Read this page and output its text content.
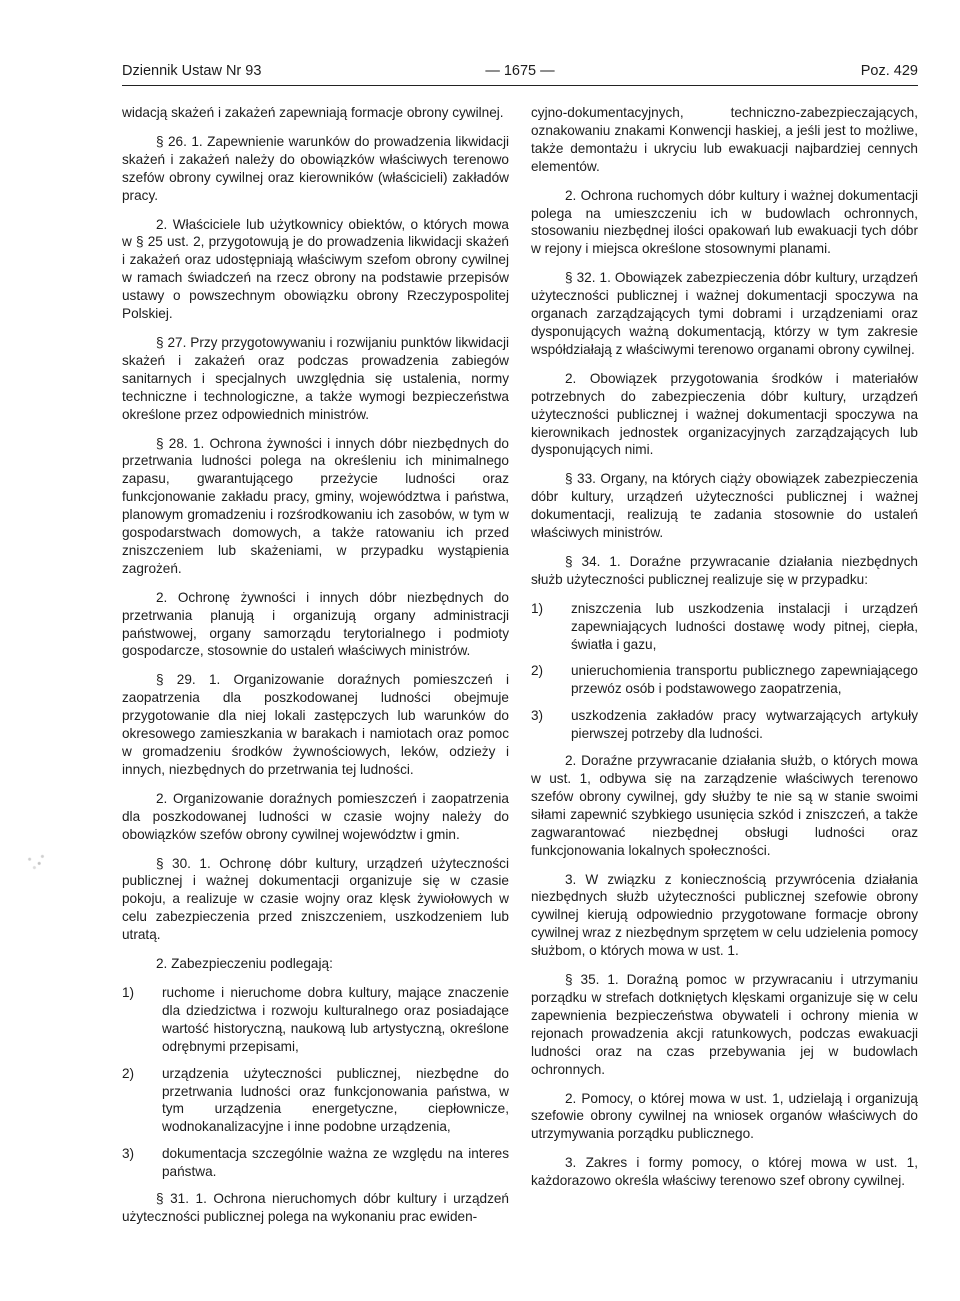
Dziennik Ustaw Nr 93	— 1675 —	Poz. 429

widacją skażeń i zakażeń zapewniają formacje obrony cywilnej.

§ 26. 1. Zapewnienie warunków do prowadzenia likwidacji skażeń i zakażeń należy do obowiązków właściwych terenowo szefów obrony cywilnej oraz kierowników (właścicieli) zakładów pracy.

2. Właściciele lub użytkownicy obiektów, o których mowa w § 25 ust. 2, przygotowują je do prowadzenia likwidacji skażeń i zakażeń oraz udostępniają właściwym szefom obrony cywilnej w ramach świadczeń na rzecz obrony na podstawie przepisów ustawy o powszechnym obowiązku obrony Rzeczypospolitej Polskiej.

§ 27. Przy przygotowywaniu i rozwijaniu punktów likwidacji skażeń i zakażeń oraz podczas prowadzenia zabiegów sanitarnych i specjalnych uwzględnia się ustalenia, normy techniczne i technologiczne, a także wymogi bezpieczeństwa określone przez odpowiednich ministrów.

§ 28. 1. Ochrona żywności i innych dóbr niezbędnych do przetrwania ludności polega na określeniu ich minimalnego zapasu, gwarantującego przeżycie ludności oraz funkcjonowanie zakładu pracy, gminy, województwa i państwa, planowym gromadzeniu i rozśrodkowaniu ich zasobów, w tym w gospodarstwach domowych, a także ratowaniu ich przed zniszczeniem lub skażeniami, w przypadku wystąpienia zagrożeń.

2. Ochronę żywności i innych dóbr niezbędnych do przetrwania planują i organizują organy administracji państwowej, organy samorządu terytorialnego i podmioty gospodarcze, stosownie do ustaleń właściwych ministrów.

§ 29. 1. Organizowanie doraźnych pomieszczeń i zaopatrzenia dla poszkodowanej ludności obejmuje przygotowanie dla niej lokali zastępczych lub warunków do okresowego zamieszkania w barakach i namiotach oraz pomoc w gromadzeniu środków żywnościowych, leków, odzieży i innych, niezbędnych do przetrwania tej ludności.

2. Organizowanie doraźnych pomieszczeń i zaopatrzenia dla poszkodowanej ludności w czasie wojny należy do obowiązków szefów obrony cywilnej województw i gmin.

§ 30. 1. Ochronę dóbr kultury, urządzeń użyteczności publicznej i ważnej dokumentacji organizuje się w czasie pokoju, a realizuje w czasie wojny oraz klęsk żywiołowych w celu zabezpieczenia przed zniszczeniem, uszkodzeniem lub utratą.

2. Zabezpieczeniu podlegają:

1)	ruchome i nieruchome dobra kultury, mające znaczenie dla dziedzictwa i rozwoju kulturalnego oraz posiadające wartość historyczną, naukową lub artystyczną, określone odrębnymi przepisami,
2)	urządzenia użyteczności publicznej, niezbędne do przetrwania ludności oraz funkcjonowania państwa, w tym urządzenia energetyczne, ciepłownicze, wodnokanalizacyjne i inne podobne urządzenia,
3)	dokumentacja szczególnie ważna ze względu na interes państwa.

§ 31. 1. Ochrona nieruchomych dóbr kultury i urządzeń użyteczności publicznej polega na wykonaniu prac ewiden-

cyjno-dokumentacyjnych, techniczno-zabezpieczających, oznakowaniu znakami Konwencji haskiej, a jeśli jest to możliwe, także demontażu i ukryciu lub ewakuacji najbardziej cennych elementów.

2. Ochrona ruchomych dóbr kultury i ważnej dokumentacji polega na umieszczeniu ich w budowlach ochronnych, stosowaniu niezbędnej ilości opakowań lub ewakuacji tych dóbr w rejony i miejsca określone stosownymi planami.

§ 32. 1. Obowiązek zabezpieczenia dóbr kultury, urządzeń użyteczności publicznej i ważnej dokumentacji spoczywa na organach zarządzających tymi dobrami i urządzeniami oraz dysponujących ważną dokumentacją, którzy w tym zakresie współdziałają z właściwymi terenowo organami obrony cywilnej.

2. Obowiązek przygotowania środków i materiałów potrzebnych do zabezpieczenia dóbr kultury, urządzeń użyteczności publicznej i ważnej dokumentacji spoczywa na kierownikach jednostek organizacyjnych zarządzających lub dysponujących nimi.

§ 33. Organy, na których ciąży obowiązek zabezpieczenia dóbr kultury, urządzeń użyteczności publicznej i ważnej dokumentacji, realizują te zadania stosownie do ustaleń właściwych ministrów.

§ 34. 1. Doraźne przywracanie działania niezbędnych służb użyteczności publicznej realizuje się w przypadku:

1)	zniszczenia lub uszkodzenia instalacji i urządzeń zapewniających ludności dostawę wody pitnej, ciepła, światła i gazu,
2)	unieruchomienia transportu publicznego zapewniającego przewóz osób i podstawowego zaopatrzenia,
3)	uszkodzenia zakładów pracy wytwarzających artykuły pierwszej potrzeby dla ludności.

2. Doraźne przywracanie działania służb, o których mowa w ust. 1, odbywa się na zarządzenie właściwych terenowo szefów obrony cywilnej, gdy służby te nie są w stanie swoimi siłami zapewnić szybkiego usunięcia szkód i zniszczeń, a także zagwarantować niezbędnej obsługi ludności oraz funkcjonowania lokalnych społeczności.

3. W związku z koniecznością przywrócenia działania niezbędnych służb użyteczności publicznej szefowie obrony cywilnej kierują odpowiednio przygotowane formacje obrony cywilnej wraz z niezbędnym sprzętem w celu udzielenia pomocy służbom, o których mowa w ust. 1.

§ 35. 1. Doraźną pomoc w przywracaniu i utrzymaniu porządku w strefach dotkniętych klęskami organizuje się w celu zapewnienia bezpieczeństwa obywateli i ochrony mienia w rejonach prowadzenia akcji ratunkowych, podczas ewakuacji ludności oraz na czas przebywania jej w budowlach ochronnych.

2. Pomocy, o której mowa w ust. 1, udzielają i organizują szefowie obrony cywilnej na wniosek organów właściwych do utrzymywania porządku publicznego.

3. Zakres i formy pomocy, o której mowa w ust. 1, każdorazowo określa właściwy terenowo szef obrony cywilnej.
